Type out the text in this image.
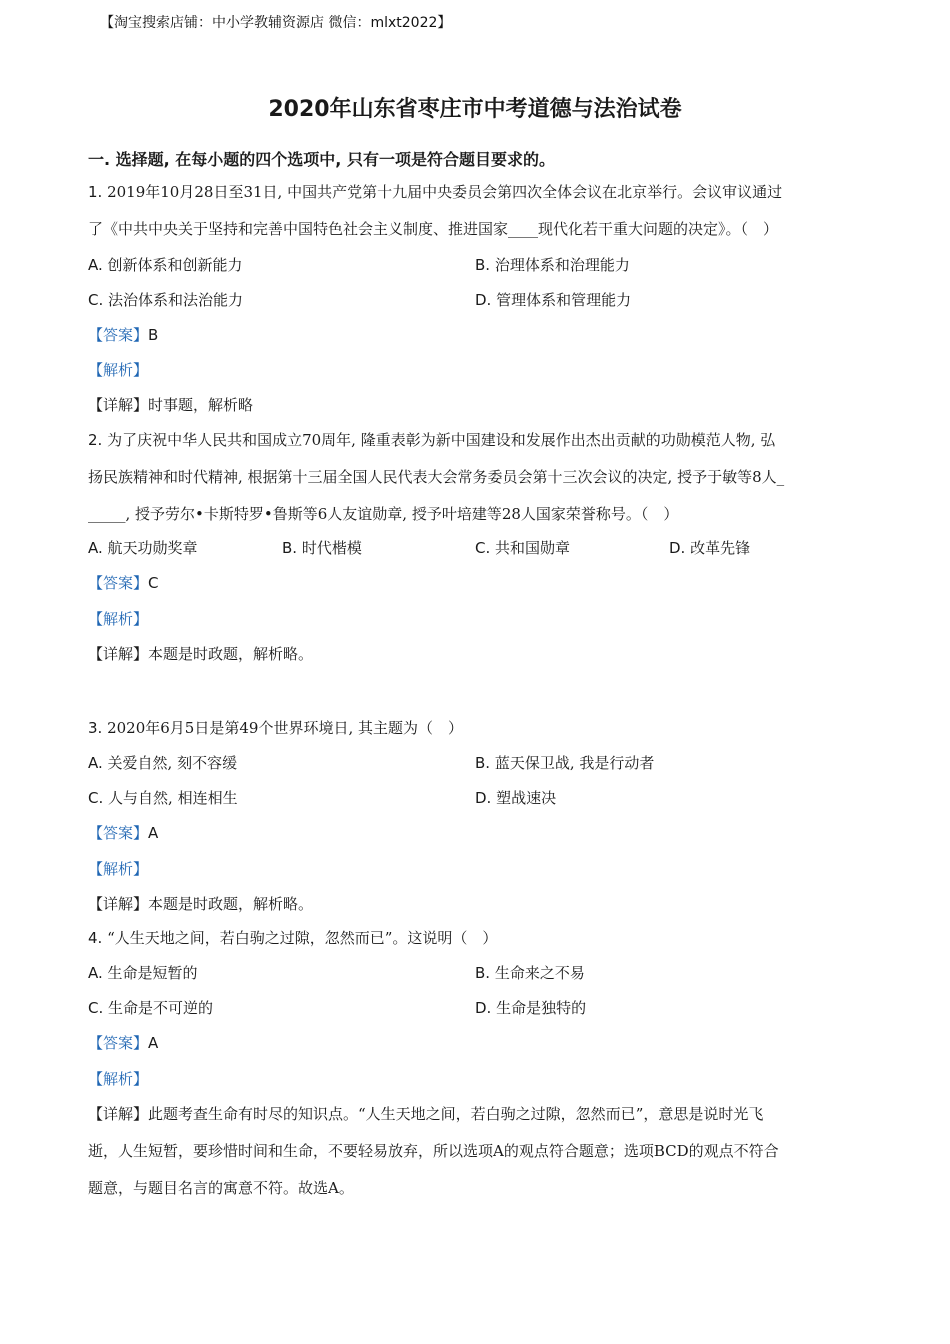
【淘宝搜索店铺：中小学教辅资源店 微信：mlxt2022】
2020年山东省枣庄市中考道德与法治试卷
一. 选择题, 在每小题的四个选项中, 只有一项是符合题目要求的。
1. 2019年10月28日至31日, 中国共产党第十九届中央委员会第四次全体会议在北京举行。会议审议通过
了《中共中央关于坚持和完善中国特色社会主义制度、推进国家____现代化若干重大问题的决定》。（　）
A. 创新体系和创新能力	B. 治理体系和治理能力
C. 法治体系和法治能力	D. 管理体系和管理能力
【答案】B
【解析】
【详解】时事题，解析略
2. 为了庆祝中华人民共和国成立70周年, 隆重表彰为新中国建设和发展作出杰出贡献的功勋模范人物, 弘
扬民族精神和时代精神, 根据第十三届全国人民代表大会常务委员会第十三次会议的决定, 授予于敏等8人_
_____, 授予劳尔•卡斯特罗•鲁斯等6人友谊勋章, 授予叶培建等28人国家荣誉称号。（　）
A. 航天功勋奖章	B. 时代楷模	C. 共和国勋章	D. 改革先锋
【答案】C
【解析】
【详解】本题是时政题，解析略。
3. 2020年6月5日是第49个世界环境日, 其主题为（　）
A. 关爱自然, 刻不容缓	B. 蓝天保卫战, 我是行动者
C. 人与自然, 相连相生	D. 塑战速决
【答案】A
【解析】
【详解】本题是时政题，解析略。
4. “人生天地之间，若白驹之过隙，忽然而已”。这说明（　）
A. 生命是短暂的	B. 生命来之不易
C. 生命是不可逆的	D. 生命是独特的
【答案】A
【解析】
【详解】此题考查生命有时尽的知识点。“人生天地之间，若白驹之过隙，忽然而已”，意思是说时光飞
逝，人生短暂，要珍惜时间和生命，不要轻易放弃，所以选项A的观点符合题意；选项BCD的观点不符合
题意，与题目名言的寓意不符。故选A。
